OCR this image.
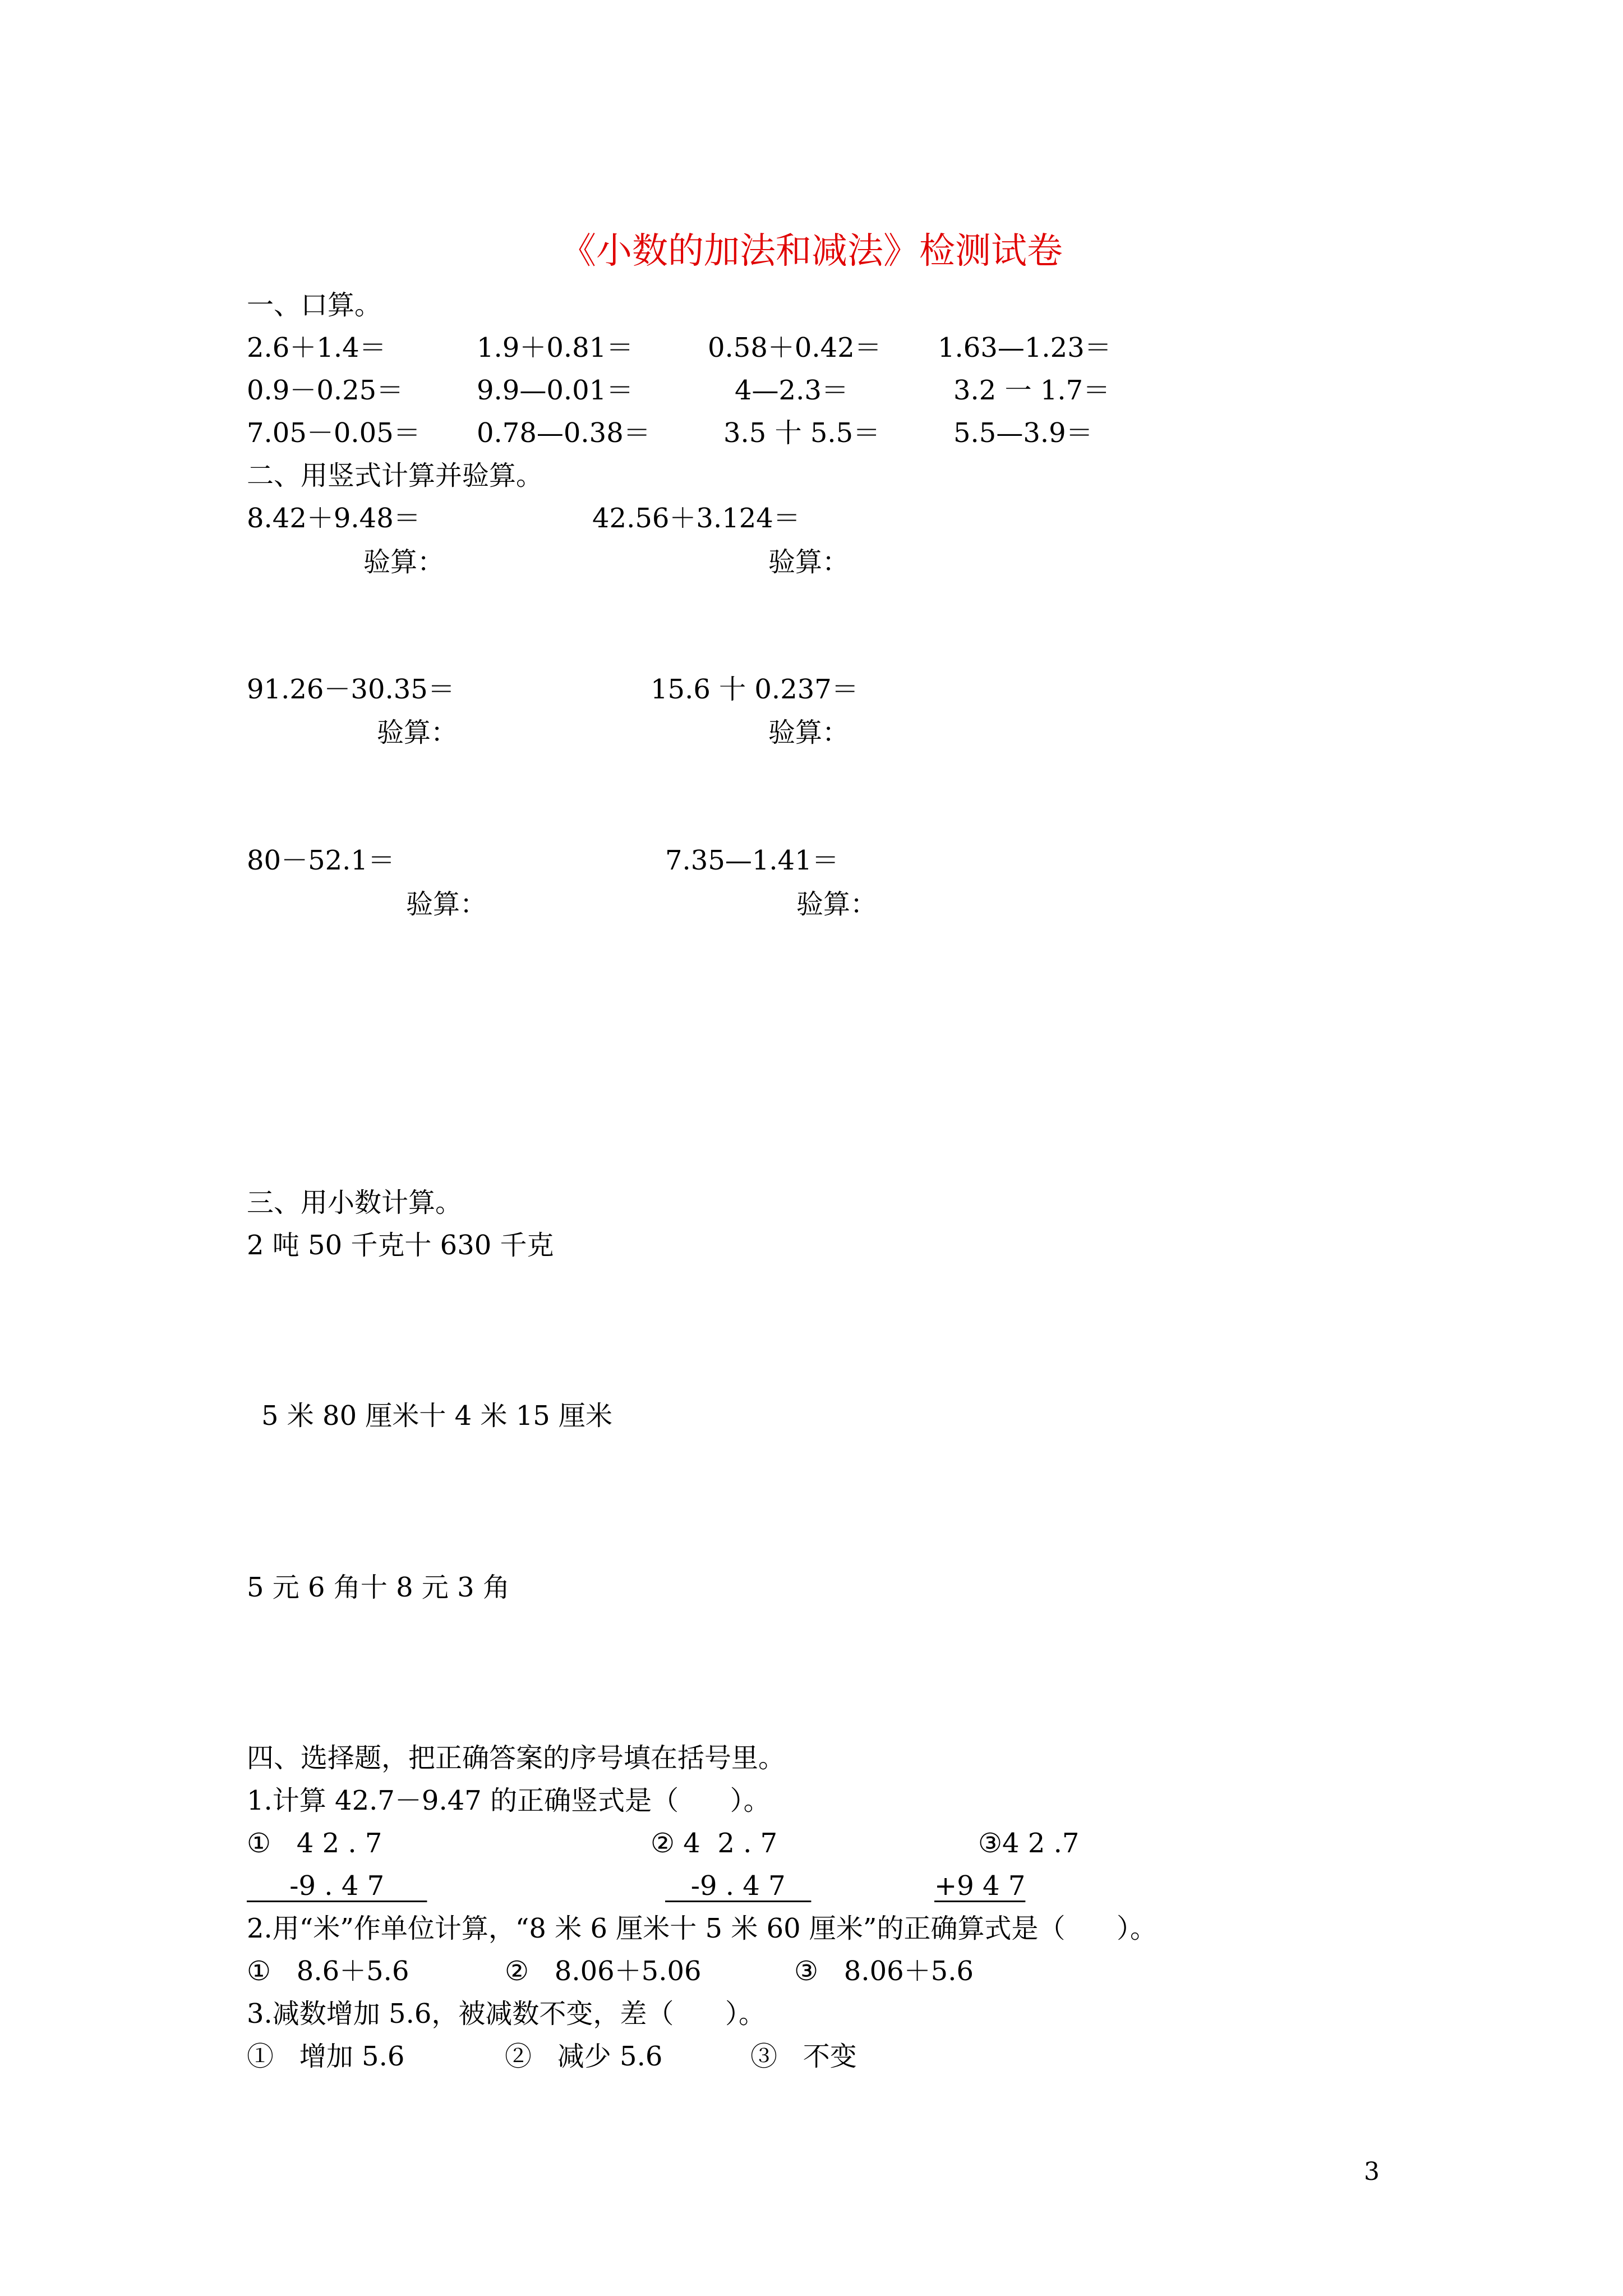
《小数的加法和减法》检测试卷
一、口算。
2.6＋1.4＝	1.9＋0.81＝	0.58＋0.42＝ 1.63—1.23＝
0.9－0.25＝	9.9—0.01＝	4—2.3＝	3.2 一 1.7＝
7.05－0.05＝ 0.78—0.38＝	3.5 十 5.5＝	5.5—3.9＝
二、用竖式计算并验算。
8.42＋9.48＝	42.56＋3.124＝
验算：	验算：
91.26－30.35＝	15.6 十 0.237＝
验算：	验算：
80－52.1＝	7.35—1.41＝
验算：	验算：
三、用小数计算。
2 吨 50 千克十 630 千克
5 米 80 厘米十 4 米 15 厘米
5 元 6 角十 8 元 3 角
四、选择题，把正确答案的序号填在括号里。
1.计算 42.7－9.47 的正确竖式是（      ）。
①   4 2 . 7	② 4  2 . 7	③4 2 .7
-9 . 4 7	-9 . 4 7	+9 4 7
2.用“米”作单位计算，“8 米 6 厘米十 5 米 60 厘米”的正确算式是（      ）。
①   8.6＋5.6	②   8.06＋5.06	③   8.06＋5.6
3.减数增加 5.6，被减数不变，差（      ）。
①   增加 5.6	②   减少 5.6	③   不变
3
